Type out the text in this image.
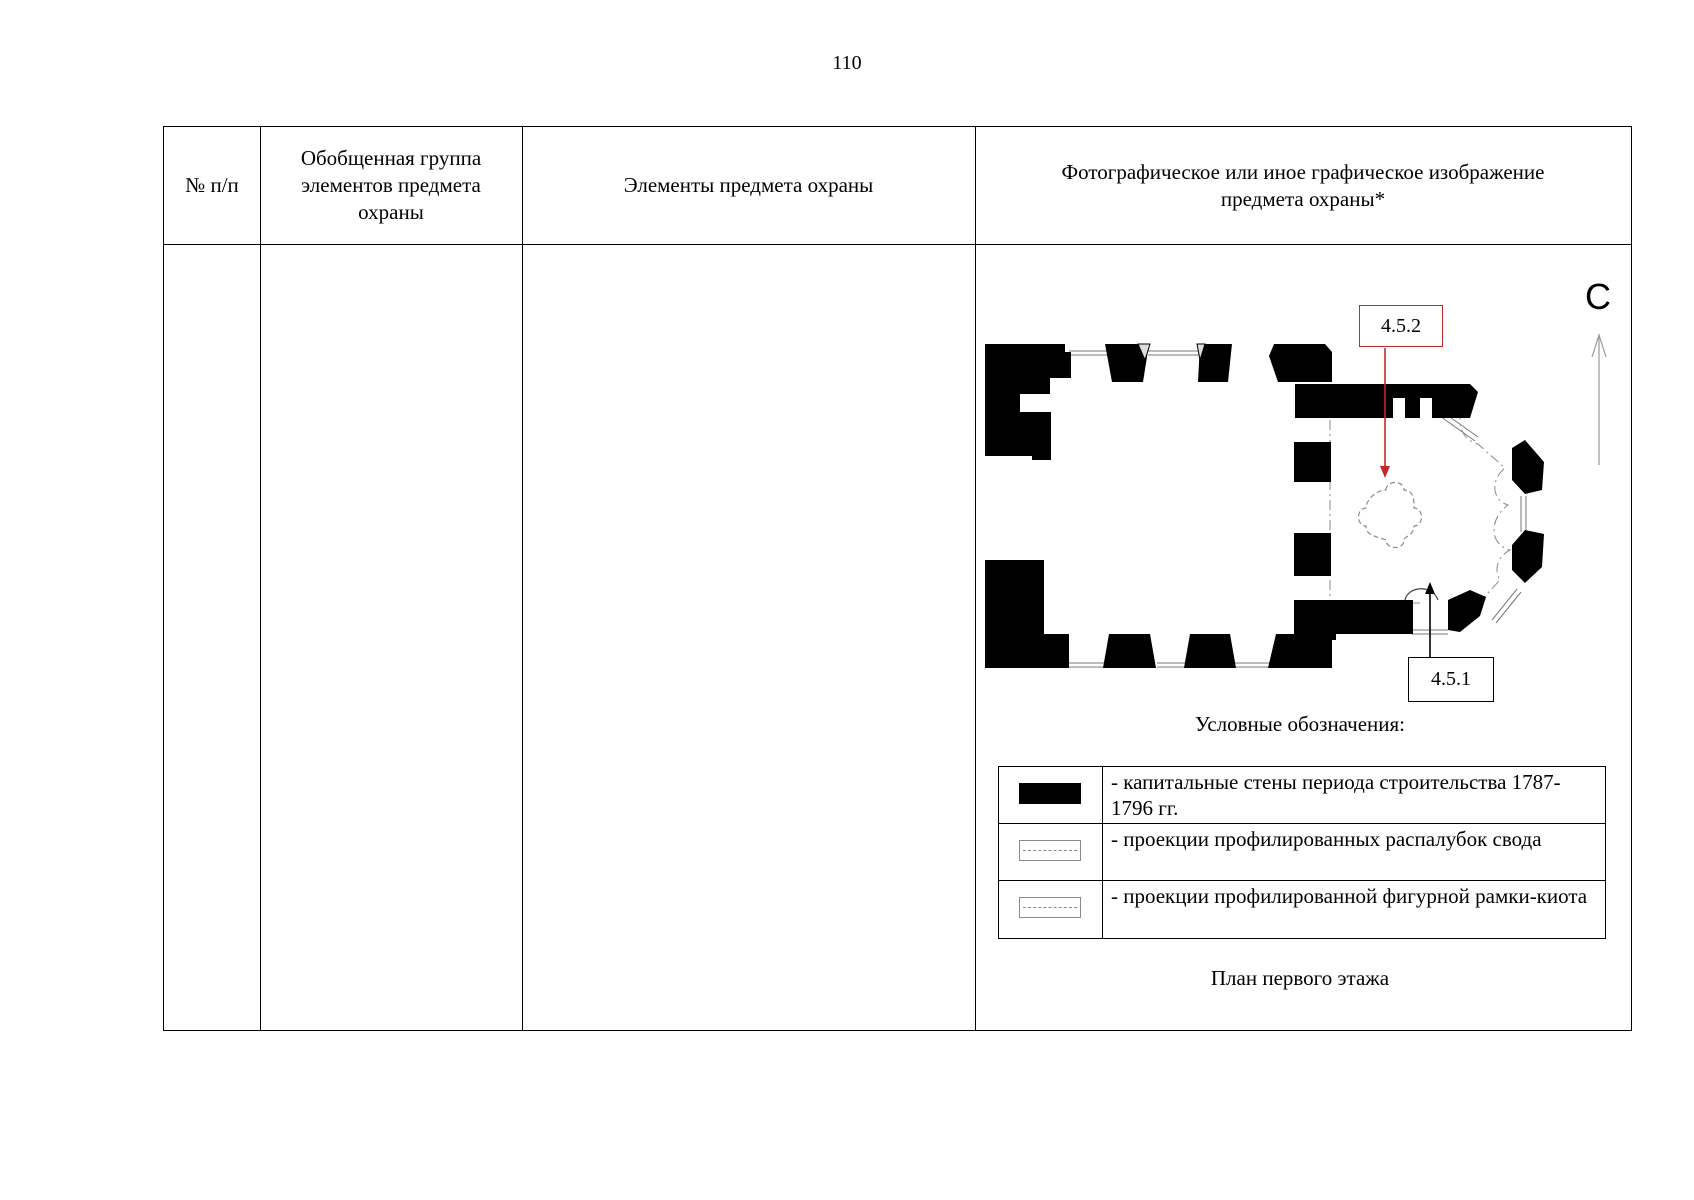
110
№ п/п
Обобщенная группа элементов предмета охраны
Элементы предмета охраны
Фотографическое или иное графическое изображение предмета охраны*
С
4.5.2
4.5.1
Условные обозначения:
- капитальные стены периода строительства 1787-1796 гг.
- проекции профилированных распалубок свода
- проекции профилированной фигурной рамки-киота
План первого этажа
